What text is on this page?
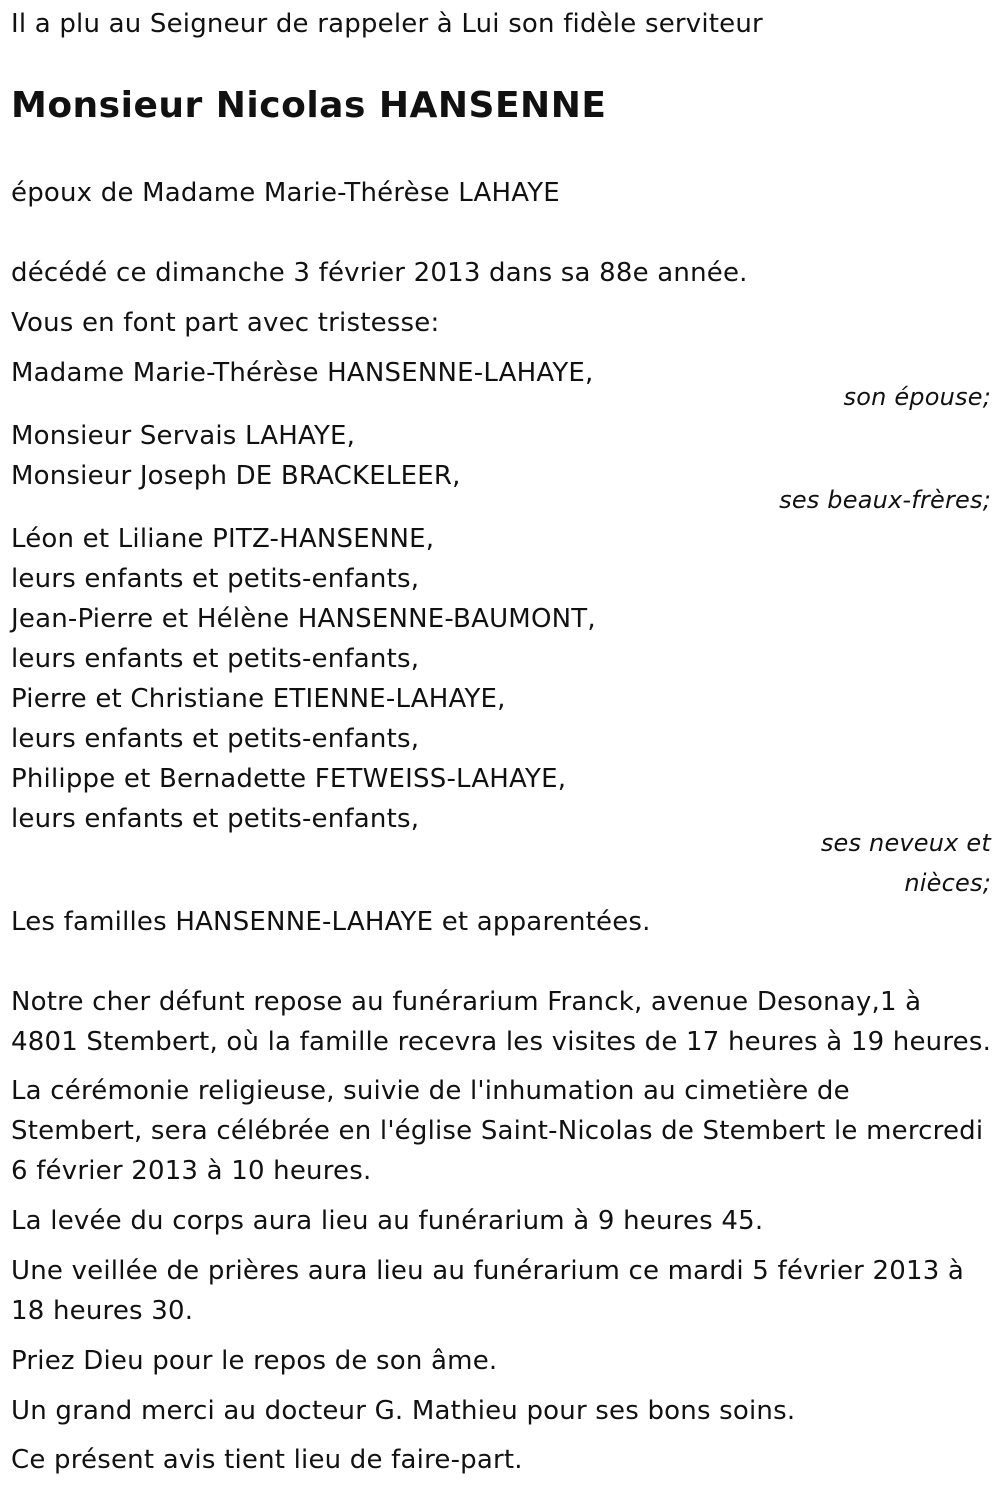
Il a plu au Seigneur de rappeler à Lui son fidèle serviteur
Monsieur Nicolas HANSENNE
époux de Madame Marie-Thérèse LAHAYE
décédé ce dimanche 3 février 2013 dans sa 88e année.
Vous en font part avec tristesse:
Madame Marie-Thérèse HANSENNE-LAHAYE,
son épouse;
Monsieur Servais LAHAYE,
Monsieur Joseph DE BRACKELEER,
ses beaux-frères;
Léon et Liliane PITZ-HANSENNE,
leurs enfants et petits-enfants,
Jean-Pierre et Hélène HANSENNE-BAUMONT,
leurs enfants et petits-enfants,
Pierre et Christiane ETIENNE-LAHAYE,
leurs enfants et petits-enfants,
Philippe et Bernadette FETWEISS-LAHAYE,
leurs enfants et petits-enfants,
ses neveux et
nièces;
Les familles HANSENNE-LAHAYE et apparentées.
Notre cher défunt repose au funérarium Franck, avenue Desonay,1 à
4801 Stembert, où la famille recevra les visites de 17 heures à 19 heures.
La cérémonie religieuse, suivie de l'inhumation au cimetière de
Stembert, sera célébrée en l'église Saint-Nicolas de Stembert le mercredi
6 février 2013 à 10 heures.
La levée du corps aura lieu au funérarium à 9 heures 45.
Une veillée de prières aura lieu au funérarium ce mardi 5 février 2013 à
18 heures 30.
Priez Dieu pour le repos de son âme.
Un grand merci au docteur G. Mathieu pour ses bons soins.
Ce présent avis tient lieu de faire-part.
